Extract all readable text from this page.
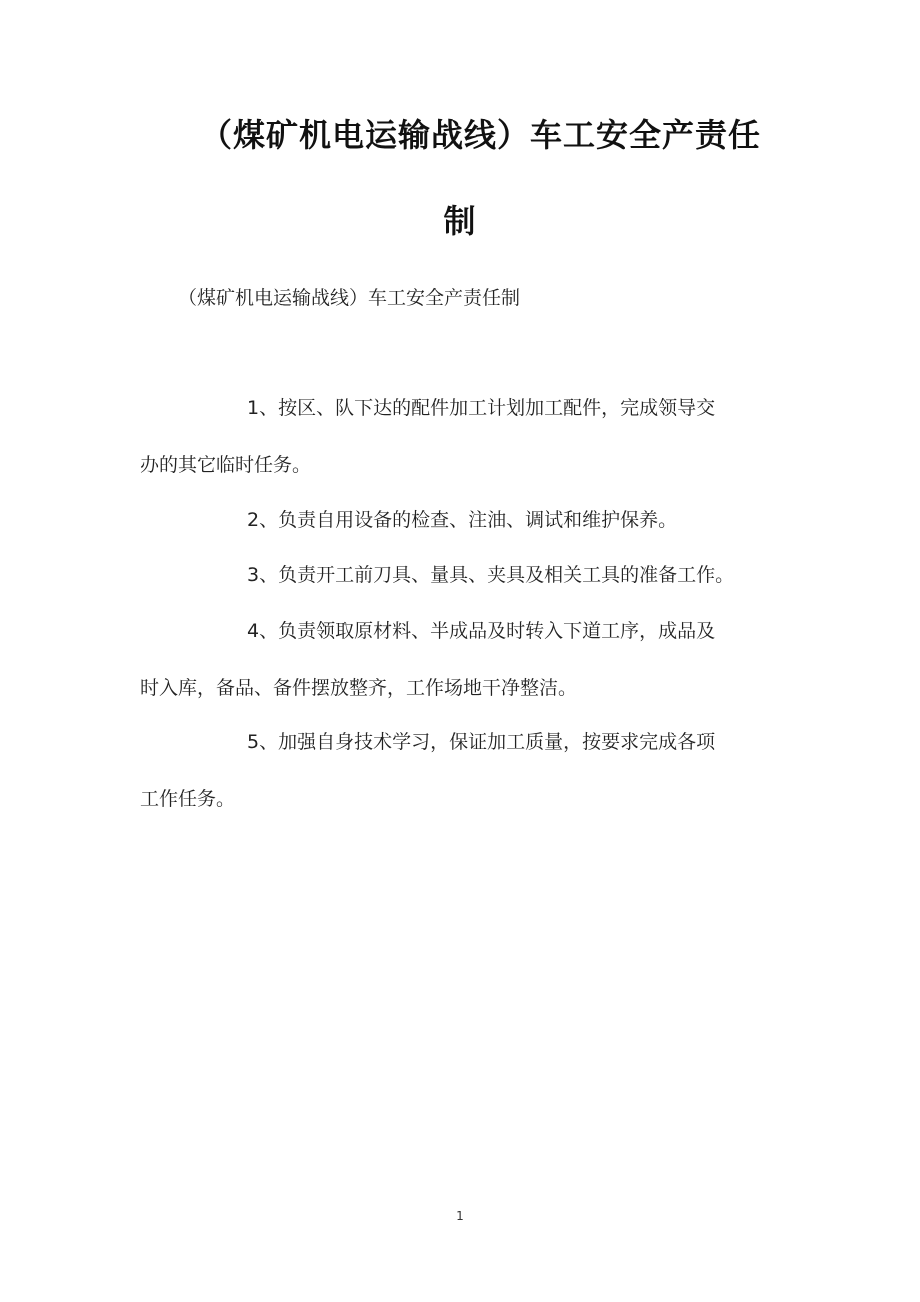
（煤矿机电运输战线）车工安全产责任
制
（煤矿机电运输战线）车工安全产责任制
1、按区、队下达的配件加工计划加工配件，完成领导交
办的其它临时任务。
2、负责自用设备的检查、注油、调试和维护保养。
3、负责开工前刀具、量具、夹具及相关工具的准备工作。
4、负责领取原材料、半成品及时转入下道工序，成品及
时入库，备品、备件摆放整齐，工作场地干净整洁。
5、加强自身技术学习，保证加工质量，按要求完成各项
工作任务。
1
